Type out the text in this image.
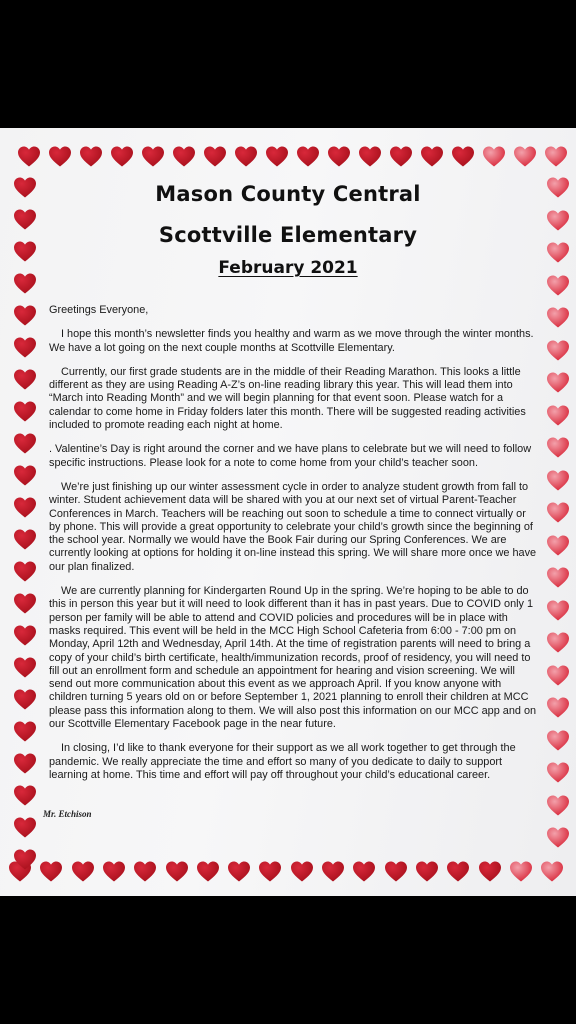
Mason County Central
Scottville Elementary
February 2021

Greetings Everyone,

I hope this month’s newsletter finds you healthy and warm as we move through the winter months. We have a lot going on the next couple months at Scottville Elementary.

Currently, our first grade students are in the middle of their Reading Marathon. This looks a little different as they are using Reading A-Z’s on-line reading library this year. This will lead them into “March into Reading Month” and we will begin planning for that event soon. Please watch for a calendar to come home in Friday folders later this month. There will be suggested reading activities included to promote reading each night at home.

. Valentine’s Day is right around the corner and we have plans to celebrate but we will need to follow specific instructions. Please look for a note to come home from your child’s teacher soon.

We’re just finishing up our winter assessment cycle in order to analyze student growth from fall to winter. Student achievement data will be shared with you at our next set of virtual Parent-Teacher Conferences in March. Teachers will be reaching out soon to schedule a time to connect virtually or by phone. This will provide a great opportunity to celebrate your child’s growth since the beginning of the school year. Normally we would have the Book Fair during our Spring Conferences. We are currently looking at options for holding it on-line instead this spring. We will share more once we have our plan finalized.

We are currently planning for Kindergarten Round Up in the spring. We’re hoping to be able to do this in person this year but it will need to look different than it has in past years. Due to COVID only 1 person per family will be able to attend and COVID policies and procedures will be in place with masks required. This event will be held in the MCC High School Cafeteria from 6:00 - 7:00 pm on Monday, April 12th and Wednesday, April 14th. At the time of registration parents will need to bring a copy of your child’s birth certificate, health/immunization records, proof of residency, you will need to fill out an enrollment form and schedule an appointment for hearing and vision screening. We will send out more communication about this event as we approach April. If you know anyone with children turning 5 years old on or before September 1, 2021 planning to enroll their children at MCC please pass this information along to them. We will also post this information on our MCC app and on our Scottville Elementary Facebook page in the near future.

In closing, I’d like to thank everyone for their support as we all work together to get through the pandemic. We really appreciate the time and effort so many of you dedicate to daily to support learning at home. This time and effort will pay off throughout your child’s educational career.

Mr. Etchison
